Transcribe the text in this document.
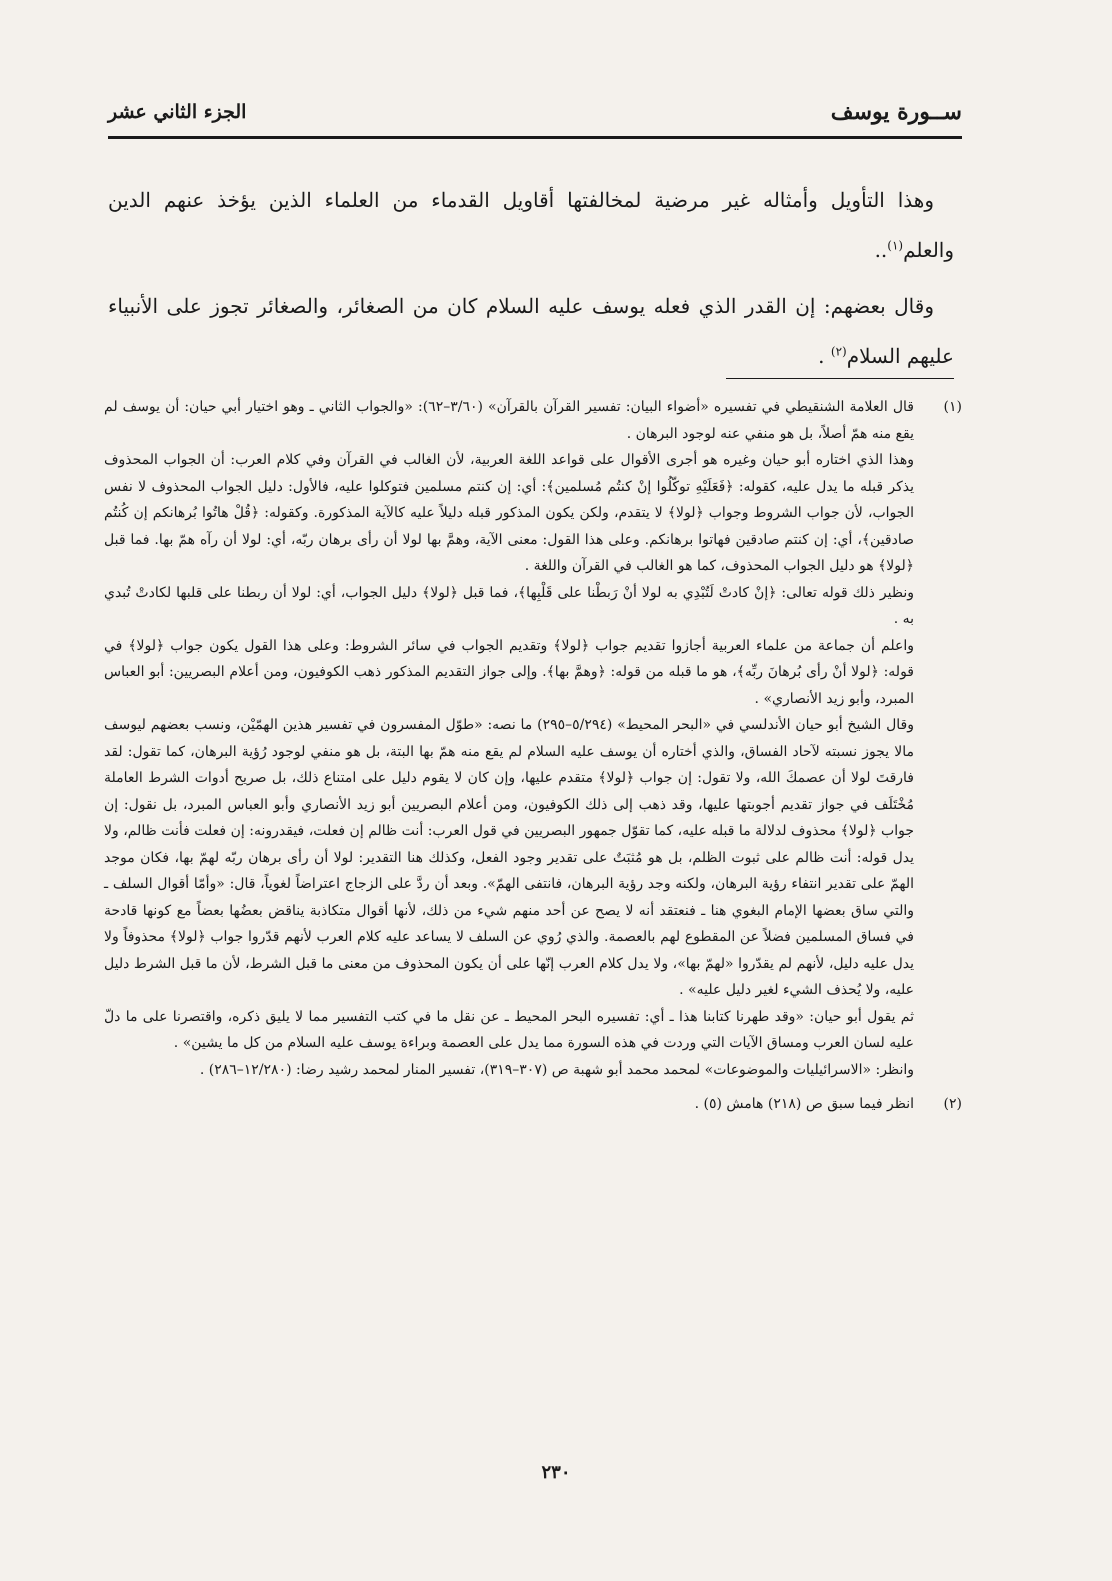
ســورة يوسف
الجزء الثاني عشر

وهذا التأويل وأمثاله غير مرضية لمخالفتها أقاويل القدماء من العلماء الذين يؤخذ عنهم الدين والعلم$^{(١)}$..

وقال بعضهم: إن القدر الذي فعله يوسف عليه السلام كان من الصغائر، والصغائر تجوز على الأنبياء عليهم السلام$^{(٢)}$ .

(١)

قال العلامة الشنقيطي في تفسيره «أضواء البيان: تفسير القرآن بالقرآن» (٣/٦٠–٦٢): «والجواب الثاني ـ وهو اختيار أبي حيان: أن يوسف لم يقع منه همّ أصلاً، بل هو منفي عنه لوجود البرهان .

وهذا الذي اختاره أبو حيان وغيره هو أجرى الأقوال على قواعد اللغة العربية، لأن الغالب في القرآن وفي كلام العرب: أن الجواب المحذوف يذكر قبله ما يدل عليه، كقوله: ﴿فَعَلَيْهِ توكّلُوا إنْ كنتُم مُسلمين﴾: أي: إن كنتم مسلمين فتوكلوا عليه، فالأول: دليل الجواب المحذوف لا نفس الجواب، لأن جواب الشروط وجواب ﴿لولا﴾ لا يتقدم، ولكن يكون المذكور قبله دليلاً عليه كالآية المذكورة. وكقوله: ﴿قُلْ هاتُوا بُرهانكم إن كُنتُم صادقين﴾، أي: إن كنتم صادقين فهاتوا برهانكم. وعلى هذا القول: معنى الآية، وهمَّ بها لولا أن رأى برهان ربّه، أي: لولا أن رآه همّ بها. فما قبل ﴿لولا﴾ هو دليل الجواب المحذوف، كما هو الغالب في القرآن واللغة .

ونظير ذلك قوله تعالى: ﴿إنْ كادتْ لَتُبْدِي به لولا أنْ رَبطْنا على قَلْبِها﴾، فما قبل ﴿لولا﴾ دليل الجواب، أي: لولا أن ربطنا على قلبها لكادتْ تُبدي به .

واعلم أن جماعة من علماء العربية أجازوا تقديم جواب ﴿لولا﴾ وتقديم الجواب في سائر الشروط: وعلى هذا القول يكون جواب ﴿لولا﴾ في قوله: ﴿لولا أنْ رأى بُرهانَ ربِّه﴾، هو ما قبله من قوله: ﴿وهمَّ بها﴾. وإلى جواز التقديم المذكور ذهب الكوفيون، ومن أعلام البصريين: أبو العباس المبرد، وأبو زيد الأنصاري» .

وقال الشيخ أبو حيان الأندلسي في «البحر المحيط» (٥/٢٩٤–٢٩٥) ما نصه: «طوّل المفسرون في تفسير هذين الهمّيْن، ونسب بعضهم ليوسف مالا يجوز نسبته لآحاد الفساق، والذي أختاره أن يوسف عليه السلام لم يقع منه همّ بها البتة، بل هو منفي لوجود رُؤية البرهان، كما تقول: لقد فارقتَ لولا أن عصمكَ الله، ولا تقول: إن جواب ﴿لولا﴾ متقدم عليها، وإن كان لا يقوم دليل على امتناع ذلك، بل صريح أدوات الشرط العاملة مُخْتَلَف في جواز تقديم أجوبتها عليها، وقد ذهب إلى ذلك الكوفيون، ومن أعلام البصريين أبو زيد الأنصاري وأبو العباس المبرد، بل نقول: إن جواب ﴿لولا﴾ محذوف لدلالة ما قبله عليه، كما تقوّل جمهور البصريين في قول العرب: أنت ظالم إن فعلت، فيقدرونه: إن فعلت فأنت ظالم، ولا يدل قوله: أنت ظالم على ثبوت الظلم، بل هو مُثبَتٌ على تقدير وجود الفعل، وكذلك هنا التقدير: لولا أن رأى برهان ربّه لهمّ بها، فكان موجد الهمّ على تقدير انتفاء رؤية البرهان، ولكنه وجد رؤية البرهان، فانتفى الهمّ». وبعد أن ردَّ على الزجاج اعتراضاً لغوياً، قال: «وأمّا أقوال السلف ـ والتي ساق بعضها الإمام البغوي هنا ـ فنعتقد أنه لا يصح عن أحد منهم شيء من ذلك، لأنها أقوال متكاذبة يناقض بعضُها بعضاً مع كونها قادحة في فساق المسلمين فضلاً عن المقطوع لهم بالعصمة. والذي رُوي عن السلف لا يساعد عليه كلام العرب لأنهم قدّروا جواب ﴿لولا﴾ محذوفاً ولا يدل عليه دليل، لأنهم لم يقدّروا «لهمّ بها»، ولا يدل كلام العرب إنّها على أن يكون المحذوف من معنى ما قبل الشرط، لأن ما قبل الشرط دليل عليه، ولا يُحذف الشيء لغير دليل عليه» .

ثم يقول أبو حيان: «وقد طهرنا كتابنا هذا ـ أي: تفسيره البحر المحيط ـ عن نقل ما في كتب التفسير مما لا يليق ذكره، واقتصرنا على ما دلّ عليه لسان العرب ومساق الآيات التي وردت في هذه السورة مما يدل على العصمة وبراءة يوسف عليه السلام من كل ما يشين» .

وانظر: «الاسرائيليات والموضوعات» لمحمد محمد أبو شهبة ص (٣٠٧–٣١٩)، تفسير المنار لمحمد رشيد رضا: (١٢/٢٨٠–٢٨٦) .

(٢)

انظر فيما سبق ص (٢١٨) هامش (٥) .

٢٣٠
